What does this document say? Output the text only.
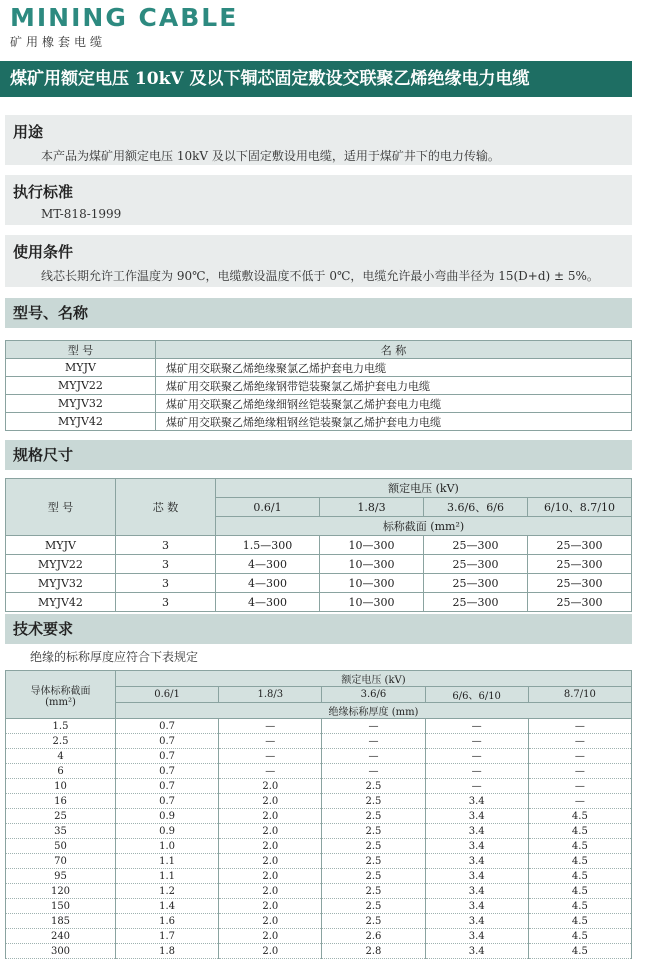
MINING CABLE
矿用橡套电缆
煤矿用额定电压 10kV 及以下铜芯固定敷设交联聚乙烯绝缘电力电缆
用途
本产品为煤矿用额定电压 10kV 及以下固定敷设用电缆，适用于煤矿井下的电力传输。
执行标准
MT-818-1999
使用条件
线芯长期允许工作温度为 90℃，电缆敷设温度不低于 0℃，电缆允许最小弯曲半径为 15(D+d) ± 5%。
型号、名称
型 号	名 称
MYJV	煤矿用交联聚乙烯绝缘聚氯乙烯护套电力电缆
MYJV22	煤矿用交联聚乙烯绝缘钢带铠装聚氯乙烯护套电力电缆
MYJV32	煤矿用交联聚乙烯绝缘细钢丝铠装聚氯乙烯护套电力电缆
MYJV42	煤矿用交联聚乙烯绝缘粗钢丝铠装聚氯乙烯护套电力电缆
规格尺寸
型 号	芯 数	额定电压 (kV)			
		0.6/1	1.8/3	3.6/6、6/6	6/10、8.7/10
		标称截面 (mm²)			
MYJV	3	1.5—300	10—300	25—300	25—300
MYJV22	3	4—300	10—300	25—300	25—300
MYJV32	3	4—300	10—300	25—300	25—300
MYJV42	3	4—300	10—300	25—300	25—300
技术要求
绝缘的标称厚度应符合下表规定
导体标称截面
(mm²)	额定电压 (kV)				
	0.6/1	1.8/3	3.6/6	6/6、6/10	8.7/10
	绝缘标称厚度 (mm)				
1.5	0.7	—	—	—	—
2.5	0.7	—	—	—	—
4	0.7	—	—	—	—
6	0.7	—	—	—	—
10	0.7	2.0	2.5	—	—
16	0.7	2.0	2.5	3.4	—
25	0.9	2.0	2.5	3.4	4.5
35	0.9	2.0	2.5	3.4	4.5
50	1.0	2.0	2.5	3.4	4.5
70	1.1	2.0	2.5	3.4	4.5
95	1.1	2.0	2.5	3.4	4.5
120	1.2	2.0	2.5	3.4	4.5
150	1.4	2.0	2.5	3.4	4.5
185	1.6	2.0	2.5	3.4	4.5
240	1.7	2.0	2.6	3.4	4.5
300	1.8	2.0	2.8	3.4	4.5
